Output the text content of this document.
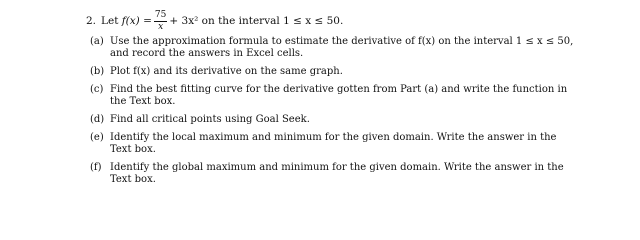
2. Let
$f(x) = \frac{75}{x} + 3x^2$ on the interval 1 ≤ x ≤ 50.
(a) Use the approximation formula to estimate the derivative of f(x) on the interval 1 ≤ x ≤ 50, and record the answers in Excel cells.
(b) Plot f(x) and its derivative on the same graph.
(c) Find the best fitting curve for the derivative gotten from Part (a) and write the function in the Text box.
(d) Find all critical points using Goal Seek.
(e) Identify the local maximum and minimum for the given domain. Write the answer in the Text box.
(f) Identify the global maximum and minimum for the given domain. Write the answer in the Text box.
